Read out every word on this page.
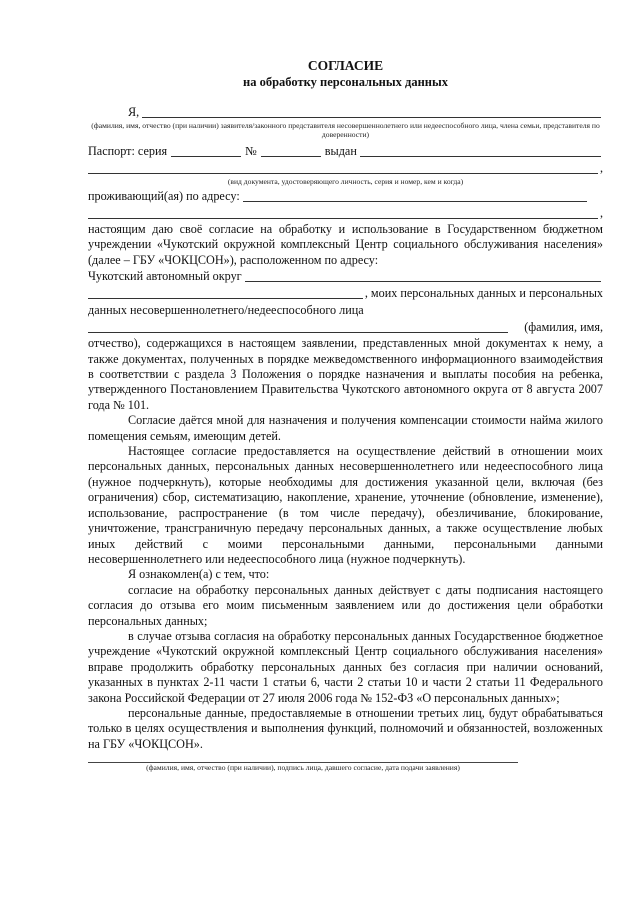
СОГЛАСИЕ
на обработку персональных данных
Я,
(фамилия, имя, отчество (при наличии) заявителя/законного представителя несовершеннолетнего или недееспособного лица, члена семьи, представителя по доверенности)
Паспорт: серия	№	выдан
,
(вид документа, удостоверяющего личность, серия и номер, кем и когда)
проживающий(ая) по адресу:
,

настоящим даю своё согласие на обработку и использование в Государственном бюджетном учреждении «Чукотский окружной комплексный Центр социального обслуживания населения» (далее – ГБУ «ЧОКЦСОН»), расположенном по адресу:

Чукотский автономный округ
, моих персональных данных и персональных
данных несовершеннолетнего/недееспособного лица
(фамилия, имя,

отчество), содержащихся в настоящем заявлении, представленных мной документах к нему, а также документах, полученных в порядке межведомственного информационного взаимодействия в соответствии с раздела 3 Положения о порядке назначения и выплаты пособия на ребенка, утвержденного Постановлением Правительства Чукотского автономного округа от 8 августа 2007 года № 101.

Согласие даётся мной для назначения и получения компенсации стоимости найма жилого помещения семьям, имеющим детей.

Настоящее согласие предоставляется на осуществление действий в отношении моих персональных данных, персональных данных несовершеннолетнего или недееспособного лица (нужное подчеркнуть), которые необходимы для достижения указанной цели, включая (без ограничения) сбор, систематизацию, накопление, хранение, уточнение (обновление, изменение), использование, распространение (в том числе передачу), обезличивание, блокирование, уничтожение, трансграничную передачу персональных данных, а также осуществление любых иных действий с моими персональными данными, персональными данными несовершеннолетнего или недееспособного лица (нужное подчеркнуть).

Я ознакомлен(а) с тем, что:

согласие на обработку персональных данных действует с даты подписания настоящего согласия до отзыва его моим письменным заявлением или до достижения цели обработки персональных данных;

в случае отзыва согласия на обработку персональных данных Государственное бюджетное учреждение «Чукотский окружной комплексный Центр социального обслуживания населения» вправе продолжить обработку персональных данных без согласия при наличии оснований, указанных в пунктах 2-11 части 1 статьи 6, части 2 статьи 10 и части 2 статьи 11 Федерального закона Российской Федерации от 27 июля 2006 года № 152-ФЗ «О персональных данных»;

персональные данные, предоставляемые в отношении третьих лиц, будут обрабатываться только в целях осуществления и выполнения функций, полномочий и обязанностей, возложенных на ГБУ «ЧОКЦСОН».

(фамилия, имя, отчество (при наличии), подпись лица, давшего согласие, дата подачи заявления)
